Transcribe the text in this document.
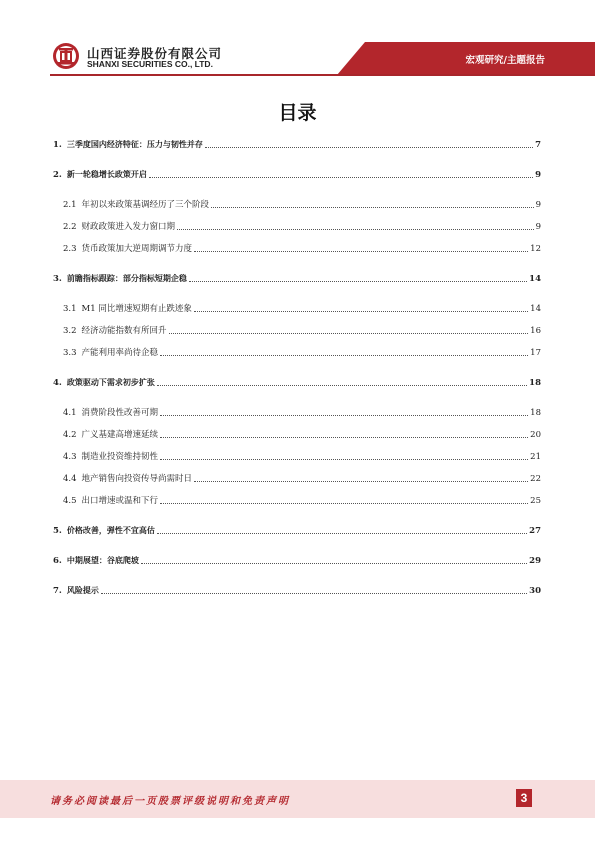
山西证券股份有限公司
SHANXI SECURITIES CO., LTD.	宏观研究/主题报告
目录
1. 三季度国内经济特征：压力与韧性并存	7
2. 新一轮稳增长政策开启	9
2.1 年初以来政策基调经历了三个阶段	9
2.2 财政政策进入发力窗口期	9
2.3 货币政策加大逆周期调节力度	12
3. 前瞻指标跟踪：部分指标短期企稳	14
3.1 M1 同比增速短期有止跌迹象	14
3.2 经济动能指数有所回升	16
3.3 产能利用率尚待企稳	17
4. 政策驱动下需求初步扩张	18
4.1 消费阶段性改善可期	18
4.2 广义基建高增速延续	20
4.3 制造业投资维持韧性	21
4.4 地产销售向投资传导尚需时日	22
4.5 出口增速或温和下行	25
5. 价格改善，弹性不宜高估	27
6. 中期展望：谷底爬坡	29
7. 风险提示	30
请务必阅读最后一页股票评级说明和免责声明	3
